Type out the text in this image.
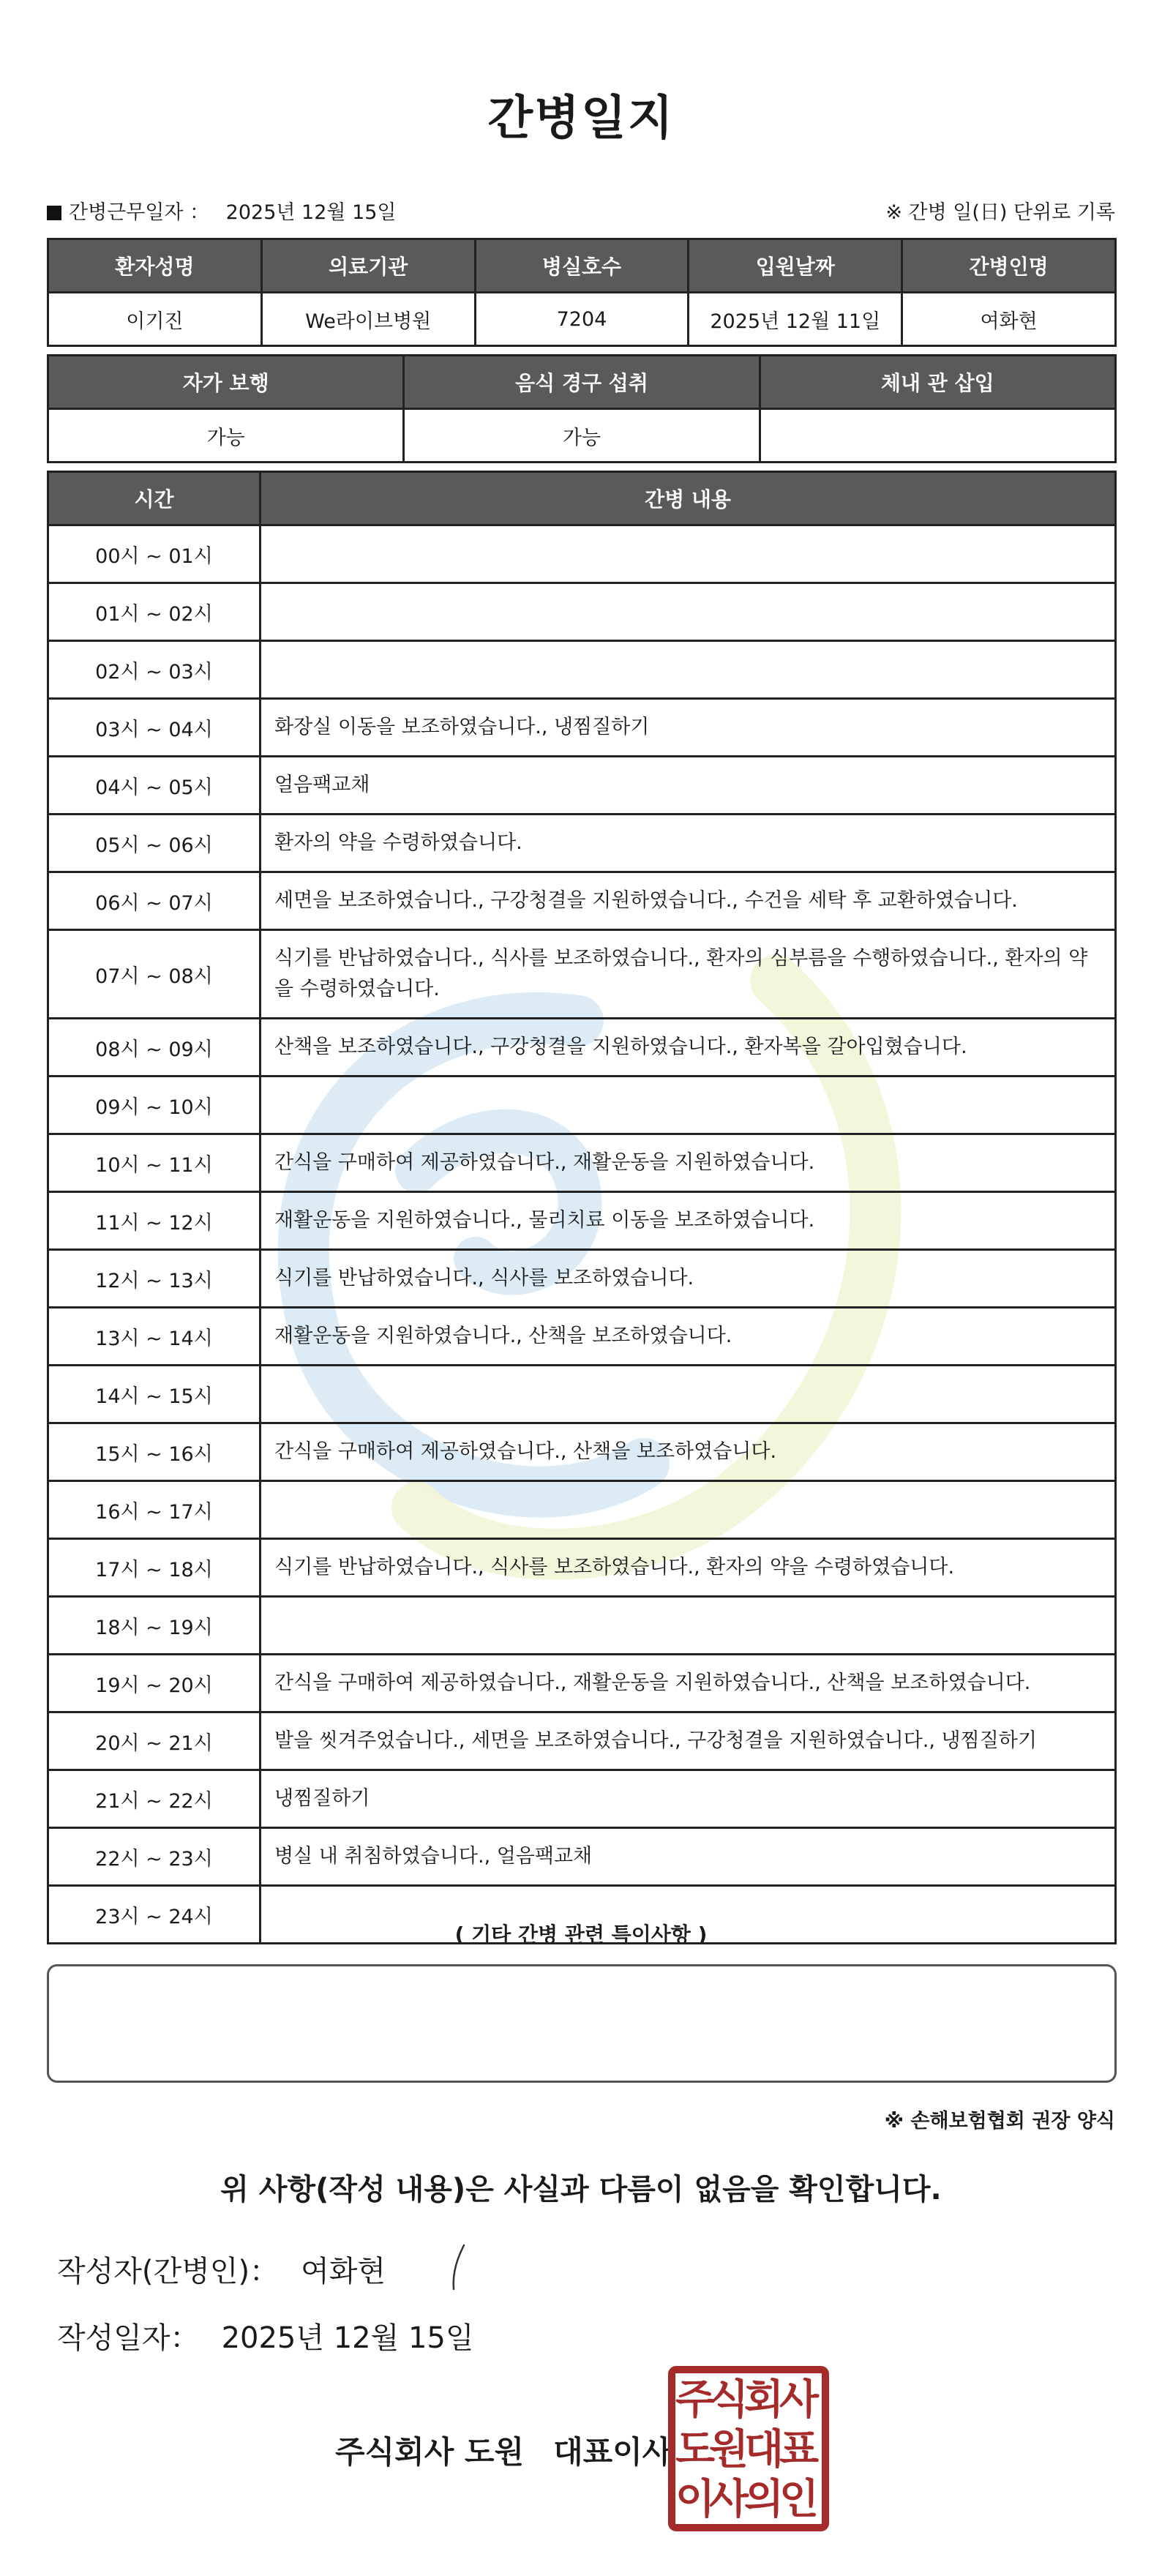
간병일지
간병근무일자 ： 2025년 12월 15일	※ 간병 일(日) 단위로 기록
환자성명	의료기관	병실호수	입원날짜	간병인명
이기진	We라이브병원	7204	2025년 12월 11일	여화현
자가 보행	음식 경구 섭취	체내 관 삽입
가능	가능	
시간	간병 내용
00시 ~ 01시	
01시 ~ 02시	
02시 ~ 03시	
03시 ~ 04시	화장실 이동을 보조하였습니다., 냉찜질하기
04시 ~ 05시	얼음팩교채
05시 ~ 06시	환자의 약을 수령하였습니다.
06시 ~ 07시	세면을 보조하였습니다., 구강청결을 지원하였습니다., 수건을 세탁 후 교환하였습니다.
07시 ~ 08시	식기를 반납하였습니다., 식사를 보조하였습니다., 환자의 심부름을 수행하였습니다., 환자의 약을 수령하였습니다.
08시 ~ 09시	산책을 보조하였습니다., 구강청결을 지원하였습니다., 환자복을 갈아입혔습니다.
09시 ~ 10시	
10시 ~ 11시	간식을 구매하여 제공하였습니다., 재활운동을 지원하였습니다.
11시 ~ 12시	재활운동을 지원하였습니다., 물리치료 이동을 보조하였습니다.
12시 ~ 13시	식기를 반납하였습니다., 식사를 보조하였습니다.
13시 ~ 14시	재활운동을 지원하였습니다., 산책을 보조하였습니다.
14시 ~ 15시	
15시 ~ 16시	간식을 구매하여 제공하였습니다., 산책을 보조하였습니다.
16시 ~ 17시	
17시 ~ 18시	식기를 반납하였습니다., 식사를 보조하였습니다., 환자의 약을 수령하였습니다.
18시 ~ 19시	
19시 ~ 20시	간식을 구매하여 제공하였습니다., 재활운동을 지원하였습니다., 산책을 보조하였습니다.
20시 ~ 21시	발을 씻겨주었습니다., 세면을 보조하였습니다., 구강청결을 지원하였습니다., 냉찜질하기
21시 ~ 22시	냉찜질하기
22시 ~ 23시	병실 내 취침하였습니다., 얼음팩교채
23시 ~ 24시	
( 기타 간병 관련 특이사항 )
※ 손해보험협회 권장 양식
위 사항(작성 내용)은 사실과 다름이 없음을 확인합니다.
작성자(간병인)： 여화현
작성일자： 2025년 12월 15일
주식회사 도원 대표이사
주
식
회
사
도
원
대
표
이
사
의
인
